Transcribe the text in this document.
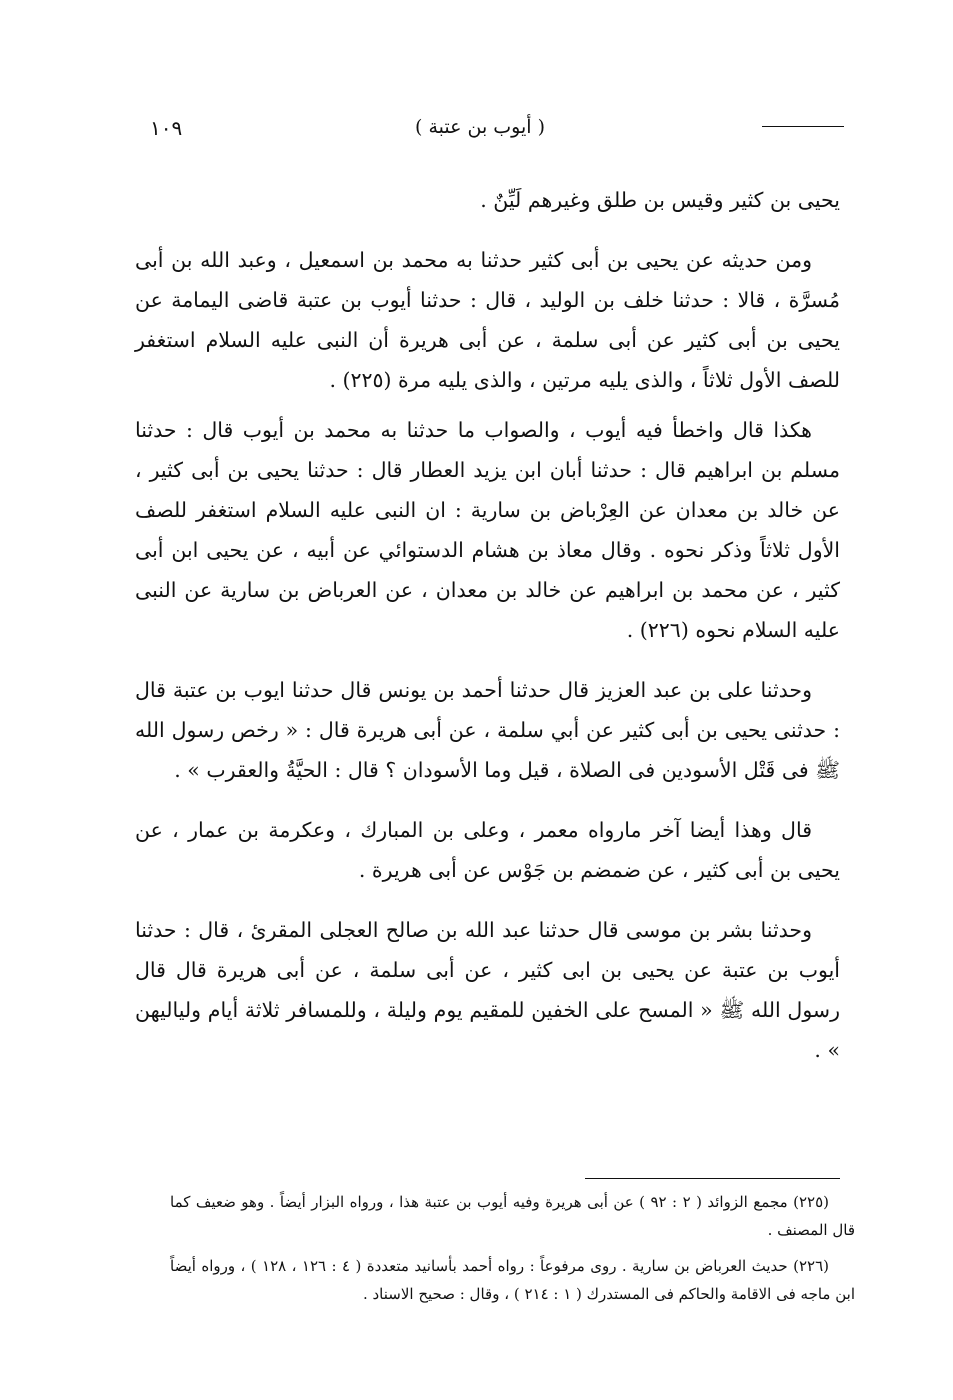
( أيوب بن عتبة )
١٠٩

يحيى بن كثير وقيس بن طلق وغيرهم لَيِّنٌ .

ومن حديثه عن يحيى بن أبى كثير حدثنا به محمد بن اسمعيل ، وعبد الله بن أبى مُسرَّة ، قالا : حدثنا خلف بن الوليد ، قال : حدثنا أيوب بن عتبة قاضى اليمامة عن يحيى بن أبى كثير عن أبى سلمة ، عن أبى هريرة أن النبى عليه السلام استغفر للصف الأول ثلاثاً ، والذى يليه مرتين ، والذى يليه مرة (٢٢٥) .

هكذا قال واخطأ فيه أيوب ، والصواب ما حدثنا به محمد بن أيوب قال : حدثنا مسلم بن ابراهيم قال : حدثنا أبان ابن يزيد العطار قال : حدثنا يحيى بن أبى كثير ، عن خالد بن معدان عن العِرْباض بن سارية : ان النبى عليه السلام استغفر للصف الأول ثلاثاً وذكر نحوه . وقال معاذ بن هشام الدستوائي عن أبيه ، عن يحيى ابن أبى كثير ، عن محمد بن ابراهيم عن خالد بن معدان ، عن العرباض بن سارية عن النبى عليه السلام نحوه (٢٢٦) .

وحدثنا على بن عبد العزيز قال حدثنا أحمد بن يونس قال حدثنا ايوب بن عتبة قال : حدثنى يحيى بن أبى كثير عن أبي سلمة ، عن أبى هريرة قال : « رخص رسول الله ﷺ فى قَتْل الأسودين فى الصلاة ، قيل وما الأسودان ؟ قال : الحيَّةُ والعقرب » .

قال وهذا أيضا آخر مارواه معمر ، وعلى بن المبارك ، وعكرمة بن عمار ، عن يحيى بن أبى كثير ، عن ضمضم بن جَوْس عن أبى هريرة .

وحدثنا بشر بن موسى قال حدثنا عبد الله بن صالح العجلى المقرئ ، قال : حدثنا أيوب بن عتبة عن يحيى بن ابى كثير ، عن أبى سلمة ، عن أبى هريرة قال قال رسول الله ﷺ « المسح على الخفين للمقيم يوم وليلة ، وللمسافر ثلاثة أيام ولياليهن » .

(٢٢٥) مجمع الزوائد ( ٢ : ٩٢ ) عن أبى هريرة وفيه أيوب بن عتبة هذا ، ورواه البزار أيضاً . وهو ضعيف كما قال المصنف .

(٢٢٦) حديث العرباض بن سارية . روى مرفوعاً : رواه أحمد بأسانيد متعددة ( ٤ : ١٢٦ ، ١٢٨ ) ، ورواه أيضاً ابن ماجه فى الاقامة والحاكم فى المستدرك ( ١ : ٢١٤ ) ، وقال : صحيح الاسناد .
